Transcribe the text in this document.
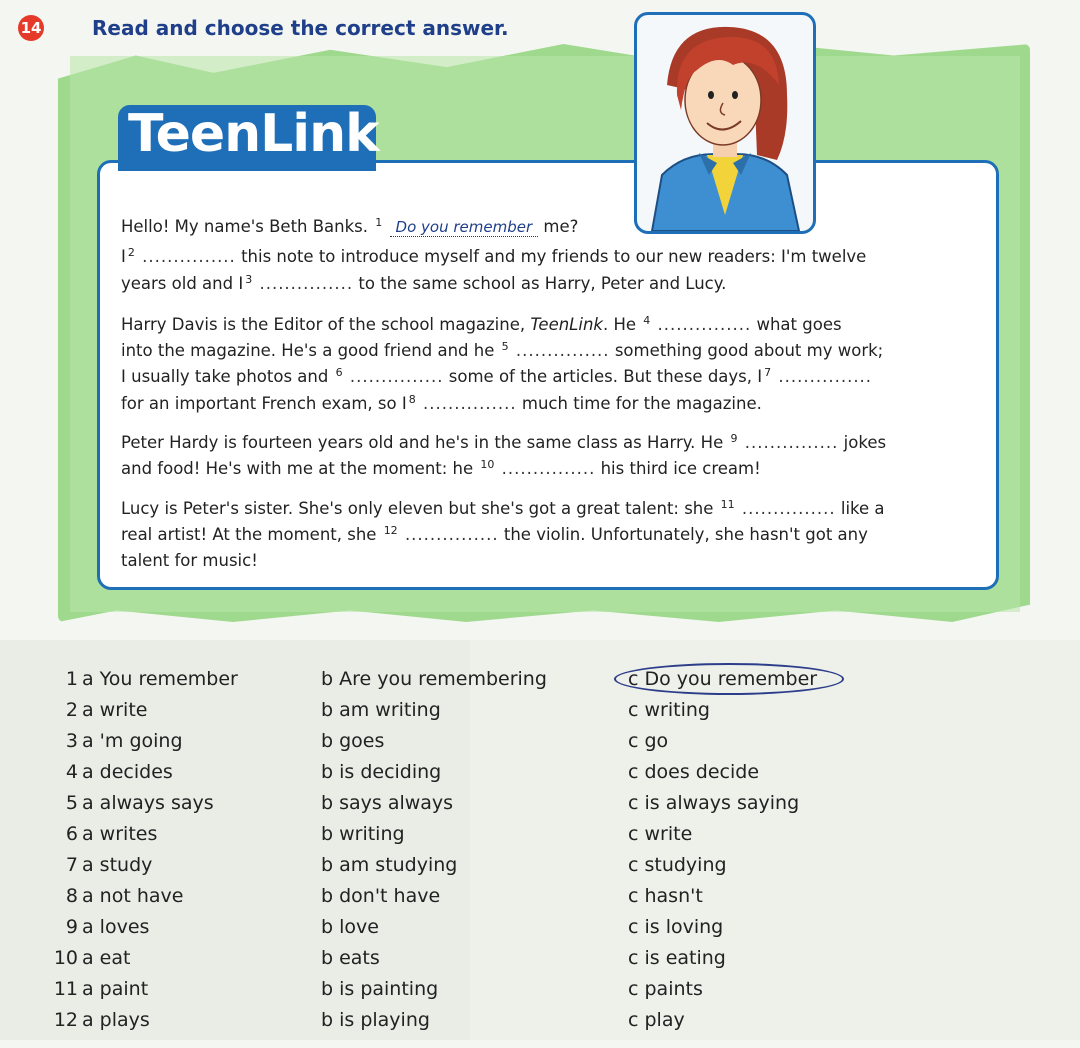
14	Read and choose the correct answer.
TeenLink
Hello! My name's Beth Banks. $^1$ Do you remember me?
I $^2$ ............... this note to introduce myself and my friends to our new readers: I'm twelve
years old and I $^3$ ............... to the same school as Harry, Peter and Lucy.
Harry Davis is the Editor of the school magazine, TeenLink. He $^4$ ............... what goes
into the magazine. He's a good friend and he $^5$ ............... something good about my work;
I usually take photos and $^6$ ............... some of the articles. But these days, I $^7$ ...............
for an important French exam, so I $^8$ ............... much time for the magazine.
Peter Hardy is fourteen years old and he's in the same class as Harry. He $^9$ ............... jokes
and food! He's with me at the moment: he $^{10}$ ............... his third ice cream!
Lucy is Peter's sister. She's only eleven but she's got a great talent: she $^{11}$ ............... like a
real artist! At the moment, she $^{12}$ ............... the violin. Unfortunately, she hasn't got any
talent for music!
1 a You remember	b Are you remembering	c Do you remember
2 a write	b am writing	c writing
3 a 'm going	b goes	c go
4 a decides	b is deciding	c does decide
5 a always says	b says always	c is always saying
6 a writes	b writing	c write
7 a study	b am studying	c studying
8 a not have	b don't have	c hasn't
9 a loves	b love	c is loving
10 a eat	b eats	c is eating
11 a paint	b is painting	c paints
12 a plays	b is playing	c play
